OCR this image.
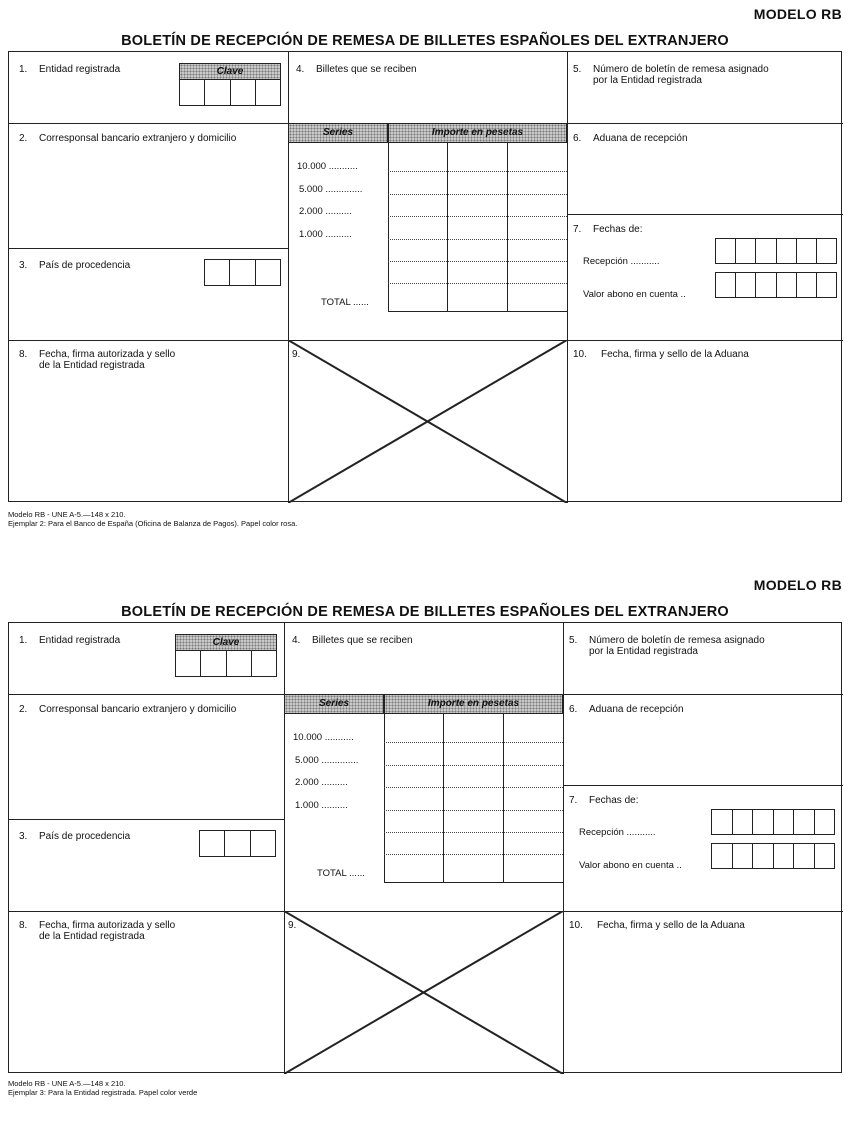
MODELO RB
BOLETÍN DE RECEPCIÓN DE REMESA DE BILLETES ESPAÑOLES DEL EXTRANJERO
1. Entidad registrada	Clave
2. Corresponsal bancario extranjero y domicilio
3. País de procedencia
4. Billetes que se reciben
Series	Importe en pesetas
10.000 ...........
5.000 ..............
2.000 ..........
1.000 ..........
TOTAL ......
5. Número de boletín de remesa asignado
por la Entidad registrada
6. Aduana de recepción
7. Fechas de:
Recepción ...........
Valor abono en cuenta ..
8. Fecha, firma autorizada y sello
de la Entidad registrada
9.	10. Fecha, firma y sello de la Aduana
Modelo RB - UNE A-5.—148 x 210.
Ejemplar 2: Para el Banco de España (Oficina de Balanza de Pagos). Papel color rosa.
MODELO RB
BOLETÍN DE RECEPCIÓN DE REMESA DE BILLETES ESPAÑOLES DEL EXTRANJERO
1. Entidad registrada	Clave
2. Corresponsal bancario extranjero y domicilio
3. País de procedencia
4. Billetes que se reciben
Series	Importe en pesetas
10.000 ...........
5.000 ..............
2.000 ..........
1.000 ..........
TOTAL ......
5. Número de boletín de remesa asignado
por la Entidad registrada
6. Aduana de recepción
7. Fechas de:
Recepción ...........
Valor abono en cuenta ..
8. Fecha, firma autorizada y sello
de la Entidad registrada
9.	10. Fecha, firma y sello de la Aduana
Modelo RB - UNE A-5.—148 x 210.
Ejemplar 3: Para la Entidad registrada. Papel color verde
